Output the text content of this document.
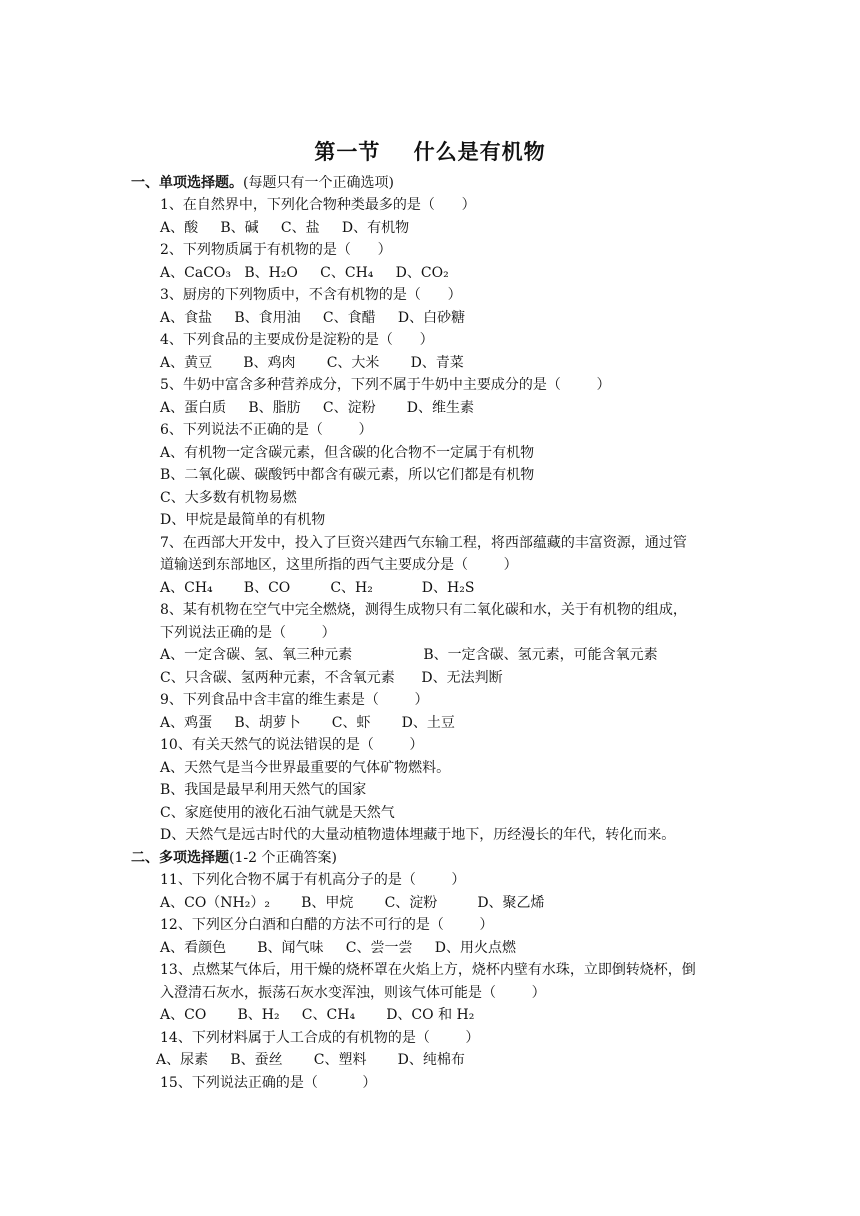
第一节    什么是有机物
一、单项选择题。(每题只有一个正确选项)
1、在自然界中，下列化合物种类最多的是（      ）
A、酸     B、碱     C、盐     D、有机物
2、下列物质属于有机物的是（      ）
A、CaCO₃   B、H₂O     C、CH₄     D、CO₂
3、厨房的下列物质中，不含有机物的是（      ）
A、食盐     B、食用油     C、食醋     D、白砂糖
4、下列食品的主要成份是淀粉的是（      ）
A、黄豆       B、鸡肉       C、大米       D、青菜
5、牛奶中富含多种营养成分，下列不属于牛奶中主要成分的是（        ）
A、蛋白质     B、脂肪     C、淀粉       D、维生素
6、下列说法不正确的是（        ）
A、有机物一定含碳元素，但含碳的化合物不一定属于有机物
B、二氧化碳、碳酸钙中都含有碳元素，所以它们都是有机物
C、大多数有机物易燃
D、甲烷是最简单的有机物
7、在西部大开发中，投入了巨资兴建西气东输工程，将西部蕴藏的丰富资源，通过管
道输送到东部地区，这里所指的西气主要成分是（        ）
A、CH₄       B、CO         C、H₂           D、H₂S
8、某有机物在空气中完全燃烧，测得生成物只有二氧化碳和水，关于有机物的组成，
下列说法正确的是（        ）
A、一定含碳、氢、氧三种元素                B、一定含碳、氢元素，可能含氧元素
C、只含碳、氢两种元素，不含氧元素      D、无法判断
9、下列食品中含丰富的维生素是（        ）
A、鸡蛋     B、胡萝卜       C、虾       D、土豆
10、有关天然气的说法错误的是（        ）
A、天然气是当今世界最重要的气体矿物燃料。
B、我国是最早利用天然气的国家
C、家庭使用的液化石油气就是天然气
D、天然气是远古时代的大量动植物遗体埋藏于地下，历经漫长的年代，转化而来。
二、多项选择题(1-2 个正确答案)
11、下列化合物不属于有机高分子的是（        ）
A、CO（NH₂）₂       B、甲烷       C、淀粉         D、聚乙烯
12、下列区分白酒和白醋的方法不可行的是（        ）
A、看颜色       B、闻气味     C、尝一尝     D、用火点燃
13、点燃某气体后，用干燥的烧杯罩在火焰上方，烧杯内壁有水珠，立即倒转烧杯，倒
入澄清石灰水，振荡石灰水变浑浊，则该气体可能是（        ）
A、CO       B、H₂     C、CH₄       D、CO 和 H₂
14、下列材料属于人工合成的有机物的是（        ）
A、尿素     B、蚕丝       C、塑料       D、纯棉布
15、下列说法正确的是（          ）
